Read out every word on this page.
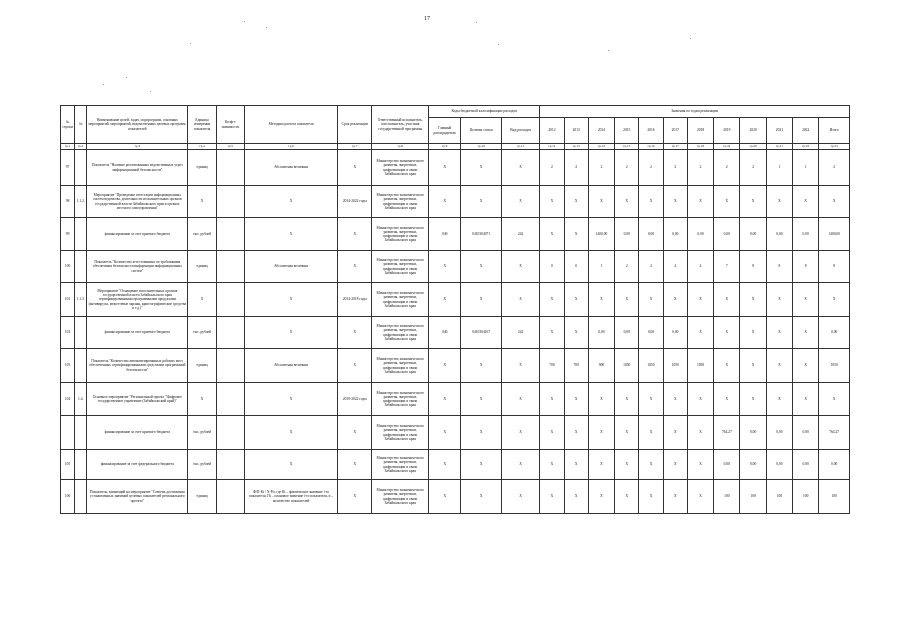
17
№ строки	№	Наименование целей, задач, подпрограмм, основных мероприятий, мероприятий, ведомственных целевых программ, показателей	Единица измерения показателя	Коэф-т значимости	Методика расчета показателя	Срок реализации	Ответственный исполнитель, соисполнитель, участник государственной программы	Коды бюджетной классификации расходов			Значения по годам реализации											
								Главный распорядитель	Целевая статья	Вид расходов	2012	2013	2014	2015	2016	2017	2018	2019	2020	2021	2022	Итого
гр.1	гр.2	гр.3	гр.4	гр.5	гр.6	гр.7	гр.8	гр.9	гр.10	гр.11	гр.12	гр.13	гр.14	гр.15	гр.16	гр.17	гр.18	гр.19	гр.20	гр.21	гр.22	гр.23
97		Показатель "Наличие реализованных ведомственных угроз информационной безопасности"	единиц		Абсолютная величина	X	Министерство экономического развития, энергетики, цифровизации и связи Забайкальского края	X	X	X	2	2	2	2	2	2	2	2	2	1	1	2
98	1.1.2.	Мероприятие "Проведение аттестации информационных систем ведомства, деятельности исполнительных органов государственной власти Забайкальского края в органах местного самоуправления"	X		X	2014-2022 годы	Министерство экономического развития, энергетики, цифровизации и связи Забайкальского края	X	X	X	X	X	X	X	X	X	X	X	X	X	X	X
99		финансирование за счет краевого бюджета	тыс. рублей		X	X	Министерство экономического развития, энергетики, цифровизации и связи Забайкальского края	040	0410304071	242	X	X	1400,00	0,00	0,00	0,00	0,00	0,00	0,00	0,00	0,00	1400,00
100		Показатель "Количество аттестованных по требованиям обеспечения безопасности информации информационных систем"	единиц		Абсолютная величина	X	Министерство экономического развития, энергетики, цифровизации и связи Забайкальского края	X	X	X	0	0	1	2	2	4	4	7	8	8	8	8
101	1.1.3.	Мероприятие "Оснащение исполнительных органов государственной власти Забайкальского края сертифицированными программными продуктами (антивирусы, межсетевые экраны, криптографические средства и т.д.)"	X		X	2014-2018 годы	Министерство экономического развития, энергетики, цифровизации и связи Забайкальского края	X	X	X	X	X	X	X	X	X	X	X	X	X	X	X
102		финансирование за счет краевого бюджета	тыс. рублей		X	X	Министерство экономического развития, энергетики, цифровизации и связи Забайкальского края	040	0410304167	242	X	X	0,00	0,00	0,00	0,00	X	X	X	X	X	0,00
103		Показатель "Количество автоматизированных рабочих мест, обеспеченных сертифицированными средствами программной безопасности"	единиц		Абсолютная величина	X	Министерство экономического развития, энергетики, цифровизации и связи Забайкальского края	X	X	X	700	700	900	1050	1050	1050	1050	X	X	X	X	1050
104	1.4.	Основное мероприятие "Региональный проект "Цифровое государственное управление (Забайкальский край)"	X		X	2019-2022 годы	Министерство экономического развития, энергетики, цифровизации и связи Забайкальского края	X	X	X	X	X	X	X	X	X	X	X	X	X	X	X
		финансирование за счет краевого бюджета	тыс. рублей		X	X	Министерство экономического развития, энергетики, цифровизации и связи Забайкальского края	X	X	X	X	X	X	X	X	X	X	764,27	0,00	0,00	0,00	764,27
105		финансирование за счет федерального бюджета	тыс. рублей		X	X	Министерство экономического развития, энергетики, цифровизации и связи Забайкальского края	X	X	X	X	X	X	X	X	X	X	0,00	0,00	0,00	0,00	0,00
106		Показатель, влияющий на мероприятие "Степень достижения установленных значений целевых показателей регионального проекта"	единиц		Ф/П·Кi / N·Рп, где Кi – фактическое значение i-го показателя, Пi – плановое значение i-го показателя, n – количество показателей	X	Министерство экономического развития, энергетики, цифровизации и связи Забайкальского края	X	X	X	X	X	X	X	X	X	X	100	100	100	100	100
